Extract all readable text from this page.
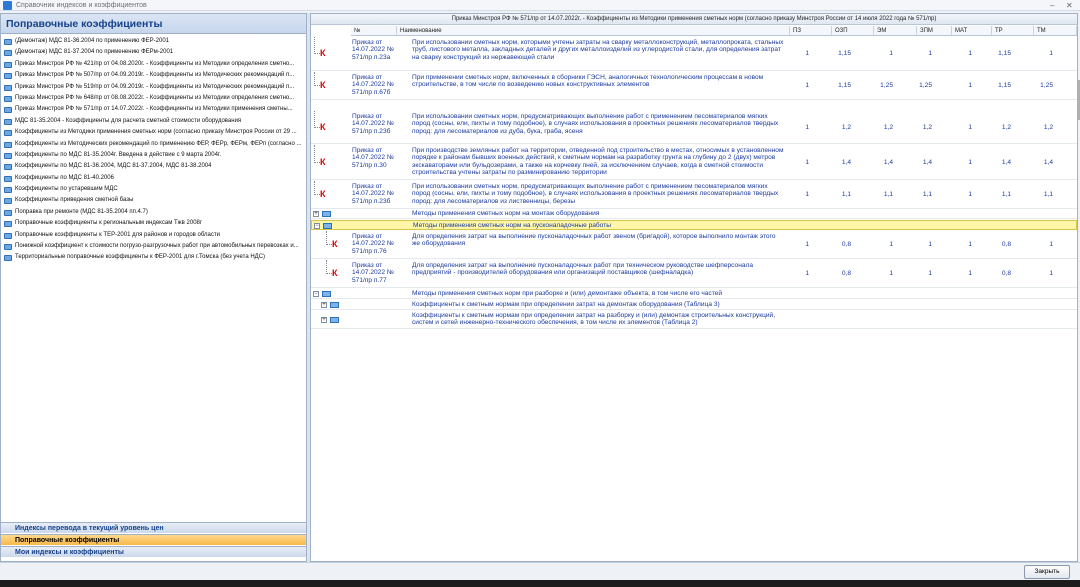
Справочник индексов и коэффициентов	– ✕
Поправочные коэффициенты
(Демонтаж) МДС 81-36.2004 по применению ФЕР-2001
(Демонтаж) МДС 81-37.2004 по применению ФЕРм-2001
Приказ Минстроя РФ № 421/пр от 04.08.2020г. - Коэффициенты из Методики определения сметно...
Приказ Минстроя РФ № 507/пр от 04.09.2019г. - Коэффициенты из Методических рекомендаций п...
Приказ Минстроя РФ № 519/пр от 04.09.2019г. - Коэффициенты из Методических рекомендаций п...
Приказ Минстроя РФ № 648/пр от 08.08.2022г. - Коэффициенты из Методики определения сметно...
Приказ Минстроя РФ № 571/пр от 14.07.2022г. - Коэффициенты из Методики применения сметны...
МДС 81-35.2004 - Коэффициенты для расчета сметной стоимости оборудования
Коэффициенты из Методики применения сметных норм (согласно приказу Минстроя России от 29 ...
Коэффициенты из Методических рекомендаций по применению ФЕР, ФЕРр, ФЕРм, ФЕРп (согласно ...
Коэффициенты по МДС 81-35.2004г. Введена в действие с 9 марта 2004г.
Коэффициенты по МДС 81-36.2004, МДС 81-37.2004, МДС 81-38.2004
Коэффициенты по МДС 81-40.2006
Коэффициенты по устаревшим МДС
Коэффициенты приведения сметной базы
Поправка при ремонте (МДС 81-35.2004 пп.4.7)
Поправочные коэффициенты к региональным индексам Тжв 2008г
Поправочные коэффициенты к ТЕР-2001 для районов и городов области
Понижной коэффициент к стоимости погрузо-разгрузочных работ при автомобильных перевозках и...
Территориальные поправочные коэффициенты к ФЕР-2001 для г.Томска (без учета НДС)
Индексы перевода в текущий уровень цен
Поправочные коэффициенты
Мои индексы и коэффициенты
Приказ Минстроя РФ № 571/пр от 14.07.2022г. - Коэффициенты из Методики применения сметных норм (согласно приказу Минстроя России от 14 июля 2022 года № 571/пр)
№	Наименование	ПЗ	ОЗП	ЭМ	ЗПМ	МАТ	ТР	ТМ
К
Приказ от 14.07.2022 № 571/пр п.23а
При использовании сметных норм, которыми учтены затраты на сварку металлоконструкций, металлопроката, стальных труб, листового металла, закладных деталей и других металлоизделий из углеродистой стали, для определения затрат на сварку конструкций из нержавеющей стали
1	1,15	1	1	1	1,15	1
К
Приказ от 14.07.2022 № 571/пр п.67б
При применении сметных норм, включенных в сборники ГЭСН, аналогичных технологическим процессам в новом строительстве, в том числе по возведению новых конструктивных элементов	1	1,15	1,25	1,25	1	1,15	1,25
К
Приказ от 14.07.2022 № 571/пр п.23б
При использовании сметных норм, предусматривающих выполнение работ с применением песоматериалов мягких пород (сосны, ели, пихты и тому подобное), в случаях использования в проектных решениях лесоматериалов твердых пород: для лесоматериалов из дуба, бука, граба, ясеня
1	1,2	1,2	1,2	1	1,2	1,2
К
Приказ от 14.07.2022 № 571/пр п.30
При производстве земляных работ на территории, отведенной под строительство в местах, относимых в установленном порядке к районам бывших военных действий, к сметным нормам на разработку грунта на глубину до 2 (двух) метров экскаваторами или бульдозерами, а также на корчевку пней, за исключением случаев, когда в сметной стоимости строительства учтены затраты по разминированию территории
1	1,4	1,4	1,4	1	1,4	1,4
К
Приказ от 14.07.2022 № 571/пр п.23б
При использовании сметных норм, предусматривающих выполнение работ с применением песоматериалов мягких пород (сосны, ели, пихты и тому подобное), в случаях использования в проектных решениях лесоматериалов твердых пород: для лесоматериалов из лиственницы, березы
1	1,1	1,1	1,1	1	1,1	1,1
+	Методы применения сметных норм на монтаж оборудования
−	Методы применения сметных норм на пусконаладочные работы
К
Приказ от 14.07.2022 № 571/пр п.76
Для определения затрат на выполнение пусконаладочных работ звеном (бригадой), которое выполнило монтаж этого же оборудования	1	0,8	1	1	1	0,8	1
К
Приказ от 14.07.2022 № 571/пр п.77
Для определения затрат на выполнение пусконаладочных работ при техническом руководстве шефперсонала предприятий - производителей оборудования или организаций поставщиков (шефналадка)	1	0,8	1	1	1	0,8	1
−	Методы применения сметных норм при разборке и (или) демонтаже объекта, в том числе его частей
+	Коэффициенты к сметным нормам при определении затрат на демонтаж оборудования (Таблица 3)
+
Коэффициенты к сметным нормам при определении затрат на разборку и (или) демонтаж строительных конструкций, систем и сетей инженерно-технического обеспечения, в том числе их элементов (Таблица 2)
Закрыть
